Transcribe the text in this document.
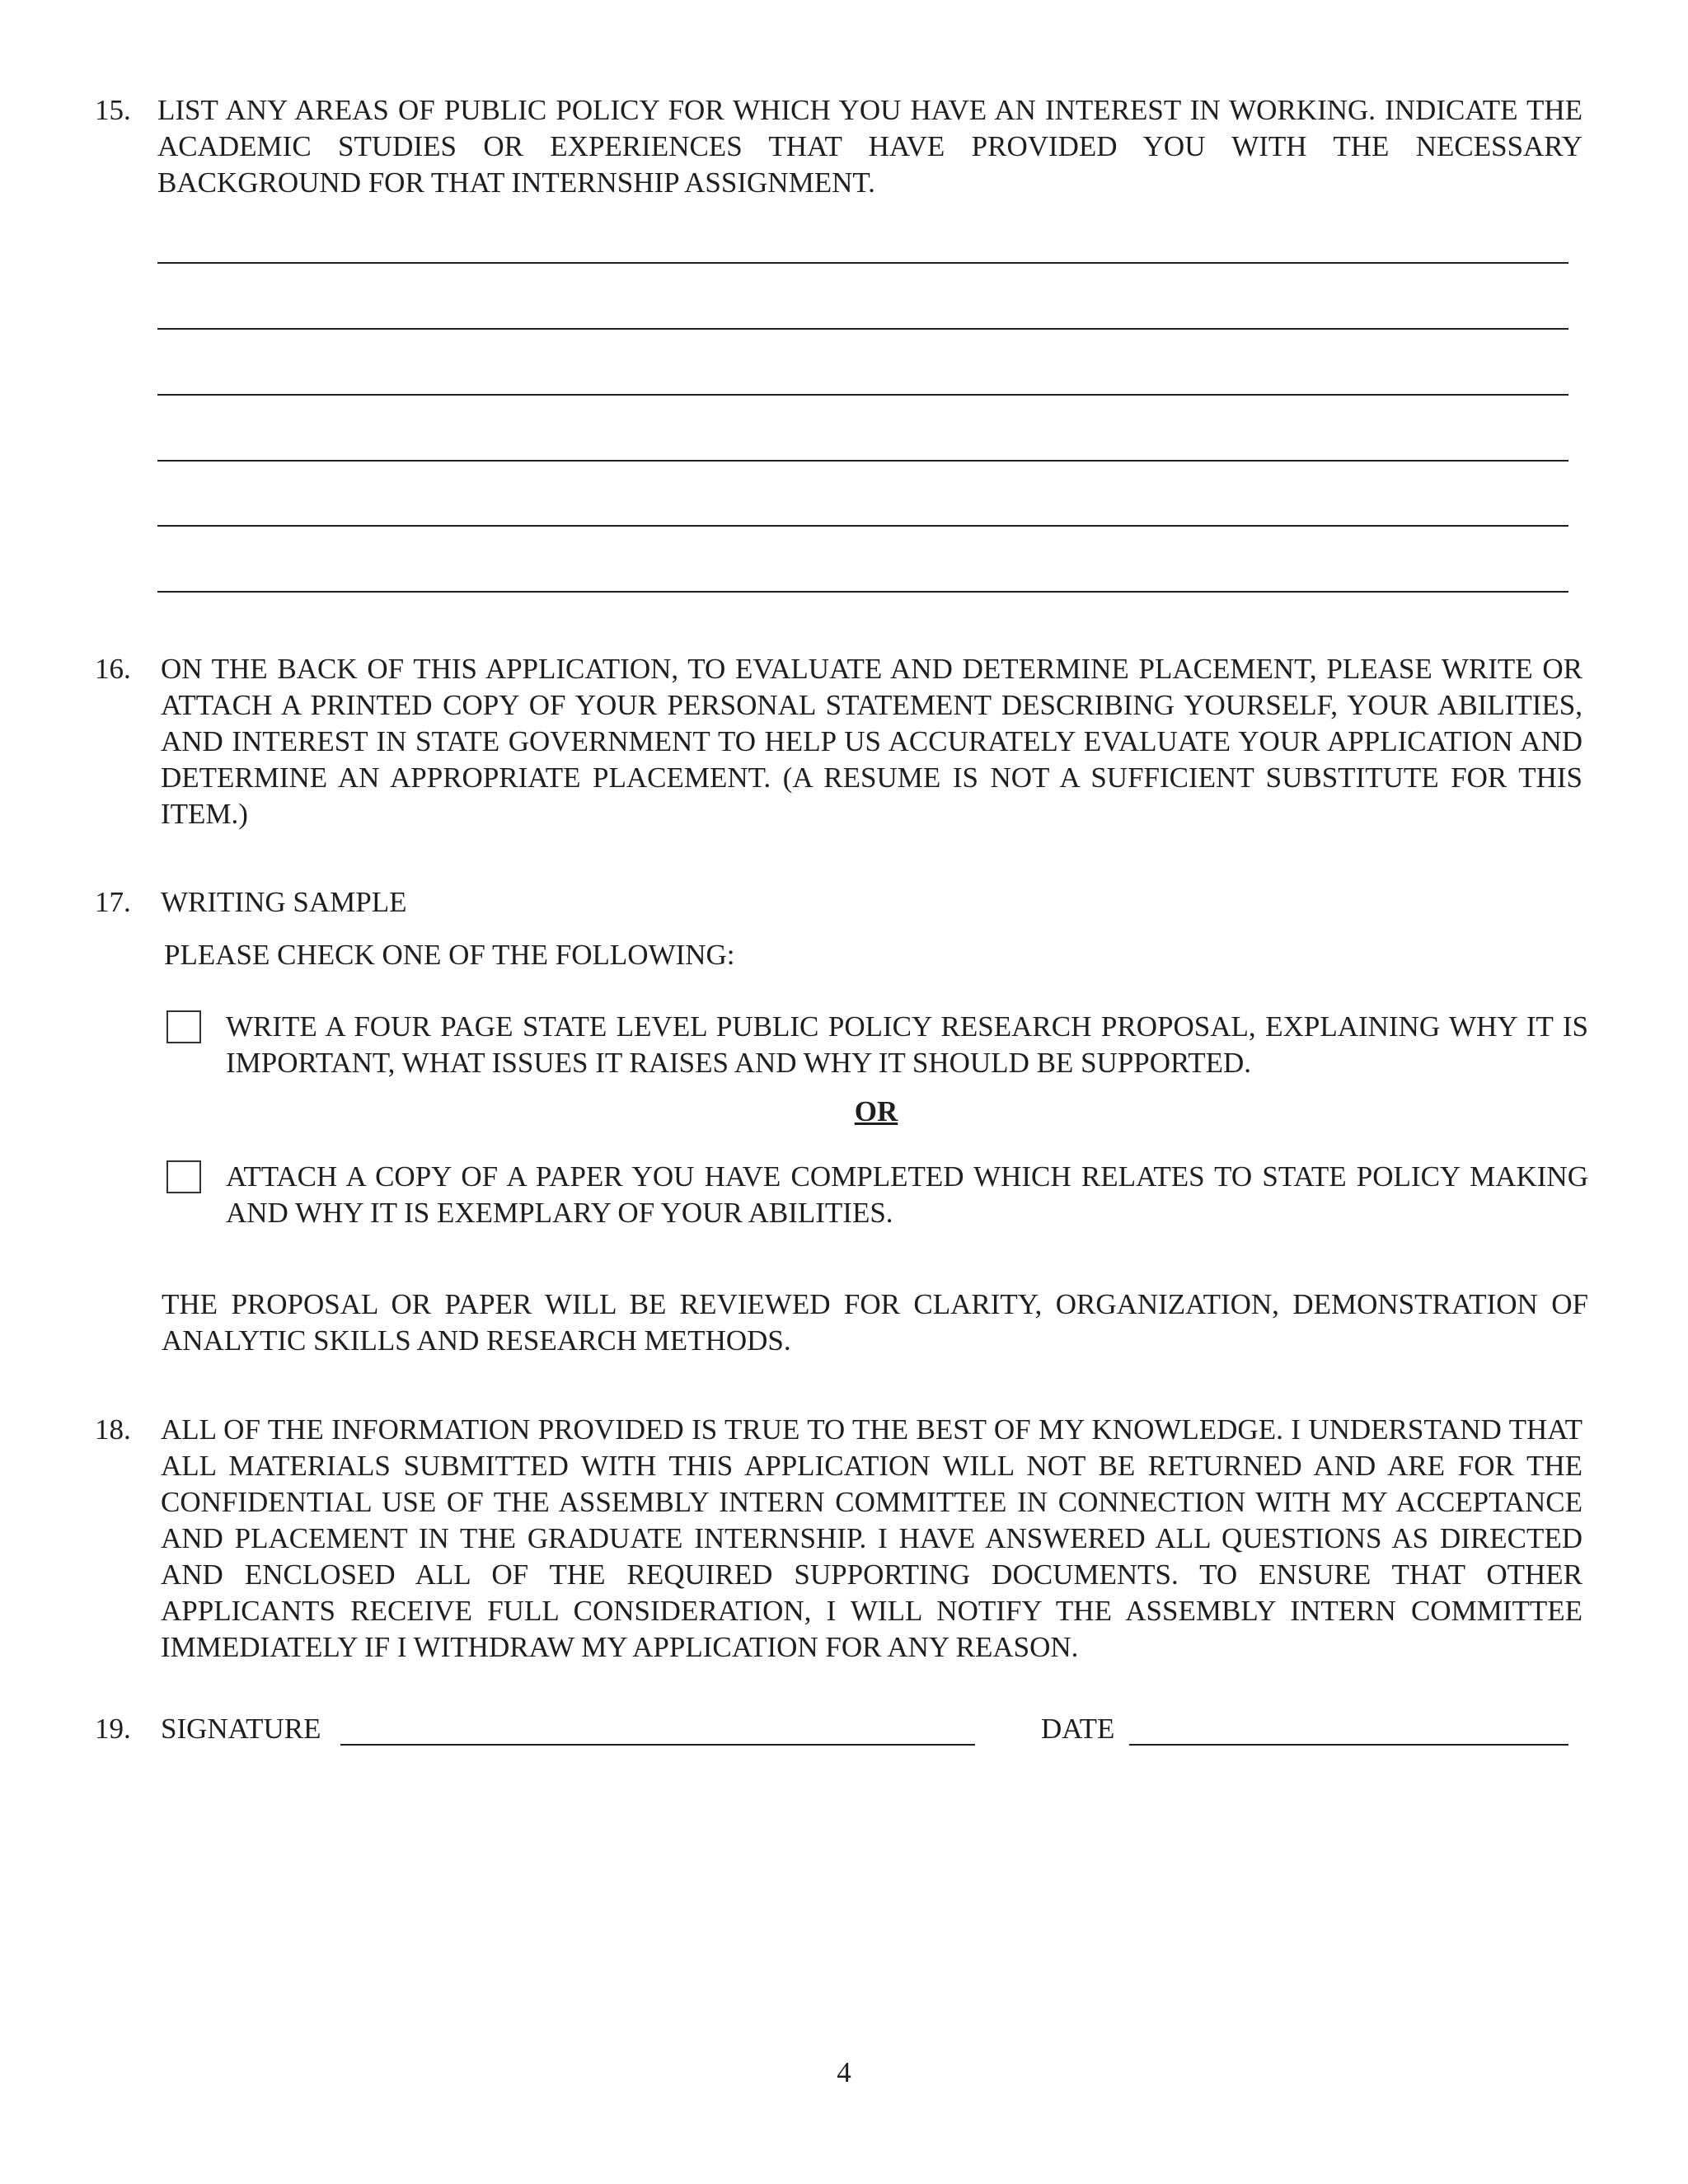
15. LIST ANY AREAS OF PUBLIC POLICY FOR WHICH YOU HAVE AN INTEREST IN WORKING. INDICATE THE ACADEMIC STUDIES OR EXPERIENCES THAT HAVE PROVIDED YOU WITH THE NECESSARY BACKGROUND FOR THAT INTERNSHIP ASSIGNMENT.
16. ON THE BACK OF THIS APPLICATION, TO EVALUATE AND DETERMINE PLACEMENT, PLEASE WRITE OR ATTACH A PRINTED COPY OF YOUR PERSONAL STATEMENT DESCRIBING YOURSELF, YOUR ABILITIES, AND INTEREST IN STATE GOVERNMENT TO HELP US ACCURATELY EVALUATE YOUR APPLICATION AND DETERMINE AN APPROPRIATE PLACEMENT. (A RESUME IS NOT A SUFFICIENT SUBSTITUTE FOR THIS ITEM.)
17. WRITING SAMPLE
PLEASE CHECK ONE OF THE FOLLOWING:
WRITE A FOUR PAGE STATE LEVEL PUBLIC POLICY RESEARCH PROPOSAL, EXPLAINING WHY IT IS IMPORTANT, WHAT ISSUES IT RAISES AND WHY IT SHOULD BE SUPPORTED.
OR
ATTACH A COPY OF A PAPER YOU HAVE COMPLETED WHICH RELATES TO STATE POLICY MAKING AND WHY IT IS EXEMPLARY OF YOUR ABILITIES.
THE PROPOSAL OR PAPER WILL BE REVIEWED FOR CLARITY, ORGANIZATION, DEMONSTRATION OF ANALYTIC SKILLS AND RESEARCH METHODS.
18. ALL OF THE INFORMATION PROVIDED IS TRUE TO THE BEST OF MY KNOWLEDGE. I UNDERSTAND THAT ALL MATERIALS SUBMITTED WITH THIS APPLICATION WILL NOT BE RETURNED AND ARE FOR THE CONFIDENTIAL USE OF THE ASSEMBLY INTERN COMMITTEE IN CONNECTION WITH MY ACCEPTANCE AND PLACEMENT IN THE GRADUATE INTERNSHIP. I HAVE ANSWERED ALL QUESTIONS AS DIRECTED AND ENCLOSED ALL OF THE REQUIRED SUPPORTING DOCUMENTS. TO ENSURE THAT OTHER APPLICANTS RECEIVE FULL CONSIDERATION, I WILL NOTIFY THE ASSEMBLY INTERN COMMITTEE IMMEDIATELY IF I WITHDRAW MY APPLICATION FOR ANY REASON.
19. SIGNATURE	DATE
4
